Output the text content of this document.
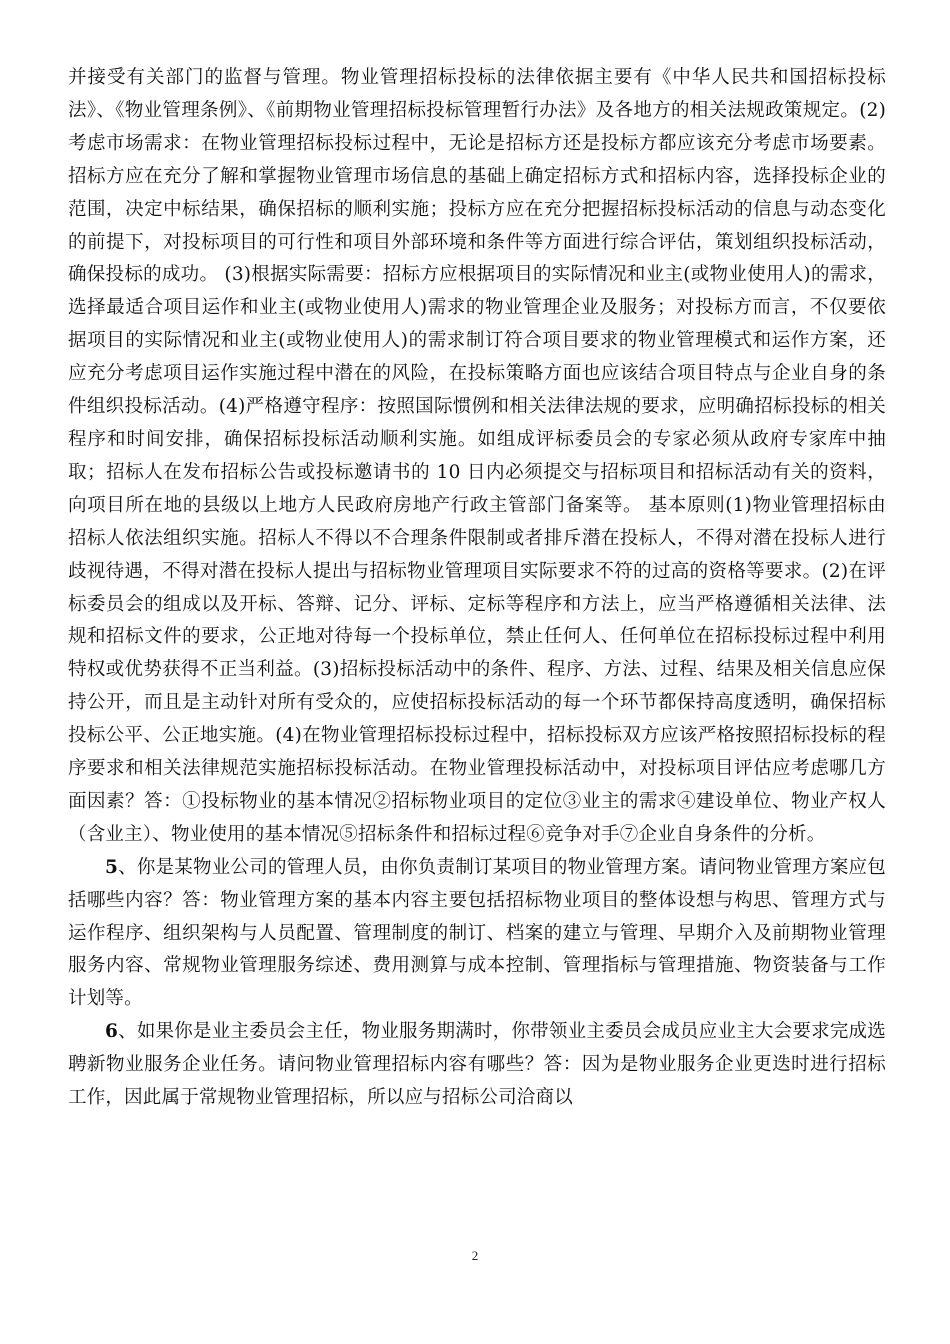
并接受有关部门的监督与管理。物业管理招标投标的法律依据主要有《中华人民共和国招标投标法》、《物业管理条例》、《前期物业管理招标投标管理暂行办法》及各地方的相关法规政策规定。(2)考虑市场需求：在物业管理招标投标过程中，无论是招标方还是投标方都应该充分考虑市场要素。招标方应在充分了解和掌握物业管理市场信息的基础上确定招标方式和招标内容，选择投标企业的范围，决定中标结果，确保招标的顺利实施；投标方应在充分把握招标投标活动的信息与动态变化的前提下，对投标项目的可行性和项目外部环境和条件等方面进行综合评估，策划组织投标活动，确保投标的成功。 (3)根据实际需要：招标方应根据项目的实际情况和业主(或物业使用人)的需求，选择最适合项目运作和业主(或物业使用人)需求的物业管理企业及服务；对投标方而言，不仅要依据项目的实际情况和业主(或物业使用人)的需求制订符合项目要求的物业管理模式和运作方案，还应充分考虑项目运作实施过程中潜在的风险，在投标策略方面也应该结合项目特点与企业自身的条件组织投标活动。(4)严格遵守程序：按照国际惯例和相关法律法规的要求，应明确招标投标的相关程序和时间安排，确保招标投标活动顺利实施。如组成评标委员会的专家必须从政府专家库中抽取；招标人在发布招标公告或投标邀请书的 10 日内必须提交与招标项目和招标活动有关的资料，向项目所在地的县级以上地方人民政府房地产行政主管部门备案等。 基本原则(1)物业管理招标由招标人依法组织实施。招标人不得以不合理条件限制或者排斥潜在投标人，不得对潜在投标人进行歧视待遇，不得对潜在投标人提出与招标物业管理项目实际要求不符的过高的资格等要求。(2)在评标委员会的组成以及开标、答辩、记分、评标、定标等程序和方法上，应当严格遵循相关法律、法规和招标文件的要求，公正地对待每一个投标单位，禁止任何人、任何单位在招标投标过程中利用特权或优势获得不正当利益。(3)招标投标活动中的条件、程序、方法、过程、结果及相关信息应保持公开，而且是主动针对所有受众的，应使招标投标活动的每一个环节都保持高度透明，确保招标投标公平、公正地实施。(4)在物业管理招标投标过程中，招标投标双方应该严格按照招标投标的程序要求和相关法律规范实施招标投标活动。在物业管理投标活动中，对投标项目评估应考虑哪几方面因素？答：①投标物业的基本情况②招标物业项目的定位③业主的需求④建设单位、物业产权人（含业主）、物业使用的基本情况⑤招标条件和招标过程⑥竞争对手⑦企业自身条件的分析。

5、你是某物业公司的管理人员，由你负责制订某项目的物业管理方案。请问物业管理方案应包括哪些内容？答：物业管理方案的基本内容主要包括招标物业项目的整体设想与构思、管理方式与运作程序、组织架构与人员配置、管理制度的制订、档案的建立与管理、早期介入及前期物业管理服务内容、常规物业管理服务综述、费用测算与成本控制、管理指标与管理措施、物资装备与工作计划等。

6、如果你是业主委员会主任，物业服务期满时，你带领业主委员会成员应业主大会要求完成选聘新物业服务企业任务。请问物业管理招标内容有哪些？答：因为是物业服务企业更迭时进行招标工作，因此属于常规物业管理招标，所以应与招标公司洽商以

2
